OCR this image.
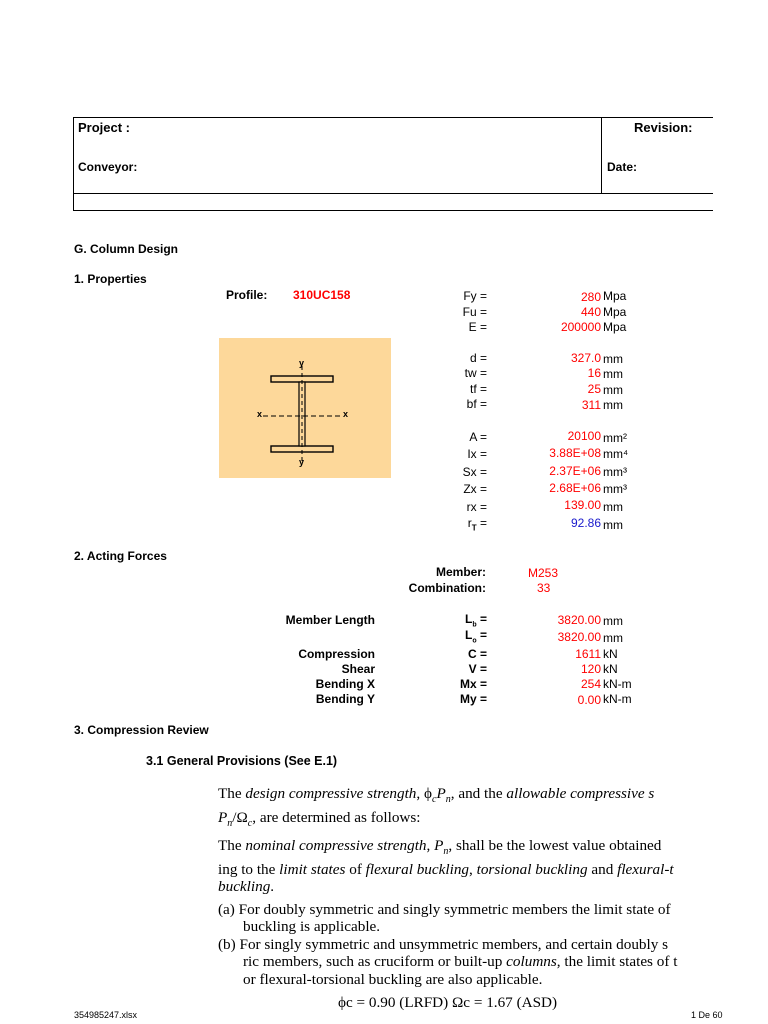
Project :	Revision:
Conveyor:	Date:
G. Column Design
1. Properties
Profile: 310UC158
y
y
x	x
Fy =	280 Mpa
Fu =	440 Mpa
E =	200000 Mpa
d =	327.0 mm
tw =	16 mm
tf =	25 mm
bf =	311 mm
A =	20100 mm²
Ix =	3.88E+08 mm⁴
Sx =	2.37E+06 mm³
Zx =	2.68E+06 mm³
rx =	139.00 mm
$r_T$ =	92.86 mm
2. Acting Forces
Member:	M253
Combination:	33
Member Length	$L_b$ =	3820.00 mm
$L_o$ =	3820.00 mm
Compression	C =	1611 kN
Shear	V =	120 kN
Bending X	Mx =	254 kN-m
Bending Y	My =	0.00 kN-m
3. Compression Review
3.1 General Provisions (See E.1)

The design compressive strength, $\phi_cP_n$, and the allowable compressive s

$P_n/\Omega_c$, are determined as follows:

The nominal compressive strength, $P_n$, shall be the lowest value obtained

ing to the limit states of flexural buckling, torsional buckling and flexural-t

buckling.

(a) For doubly symmetric and singly symmetric members the limit state of

buckling is applicable.

(b) For singly symmetric and unsymmetric members, and certain doubly s

ric members, such as cruciform or built-up columns, the limit states of t

or flexural-torsional buckling are also applicable.

ϕc = 0.90 (LRFD) Ωc = 1.67 (ASD)

354985247.xlsx	1 De 60
